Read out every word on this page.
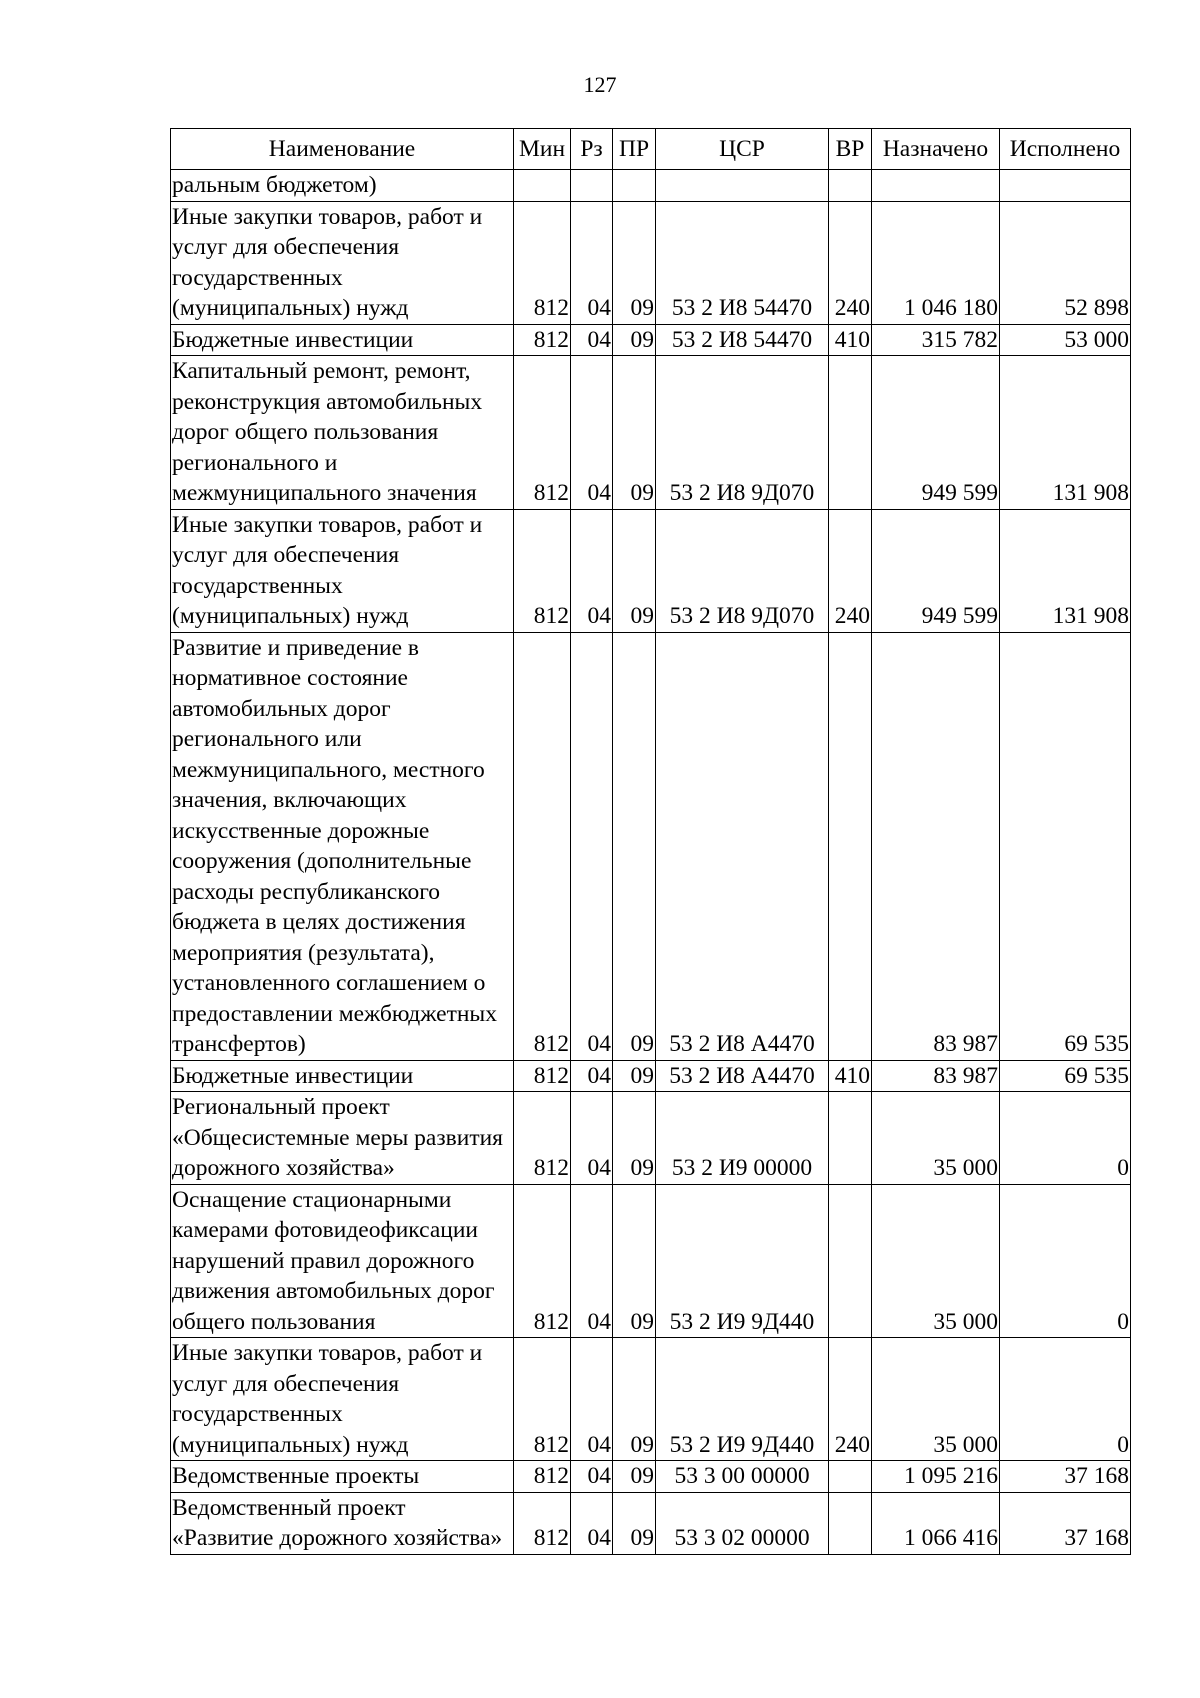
127
Наименование	Мин	Рз	ПР	ЦСР	ВР	Назначено	Исполнено
ральным бюджетом)							
Иные закупки товаров, работ и услуг для обеспечения государственных (муниципальных) нужд	812	04	09	53 2 И8 54470	240	1 046 180	52 898
Бюджетные инвестиции	812	04	09	53 2 И8 54470	410	315 782	53 000
Капитальный ремонт, ремонт, реконструкция автомобильных дорог общего пользования регионального и межмуниципального значения	812	04	09	53 2 И8 9Д070		949 599	131 908
Иные закупки товаров, работ и услуг для обеспечения государственных (муниципальных) нужд	812	04	09	53 2 И8 9Д070	240	949 599	131 908
Развитие и приведение в нормативное состояние автомобильных дорог регионального или межмуниципального, местного значения, включающих искусственные дорожные сооружения (дополнительные расходы республиканского бюджета в целях достижения мероприятия (результата), установленного соглашением о предоставлении межбюджетных трансфертов)	812	04	09	53 2 И8 А4470		83 987	69 535
Бюджетные инвестиции	812	04	09	53 2 И8 А4470	410	83 987	69 535
Региональный проект «Общесистемные меры развития дорожного хозяйства»	812	04	09	53 2 И9 00000		35 000	0
Оснащение стационарными камерами фотовидеофиксации нарушений правил дорожного движения автомобильных дорог общего пользования	812	04	09	53 2 И9 9Д440		35 000	0
Иные закупки товаров, работ и услуг для обеспечения государственных (муниципальных) нужд	812	04	09	53 2 И9 9Д440	240	35 000	0
Ведомственные проекты	812	04	09	53 3 00 00000		1 095 216	37 168
Ведомственный проект «Развитие дорожного хозяйства»	812	04	09	53 3 02 00000		1 066 416	37 168
